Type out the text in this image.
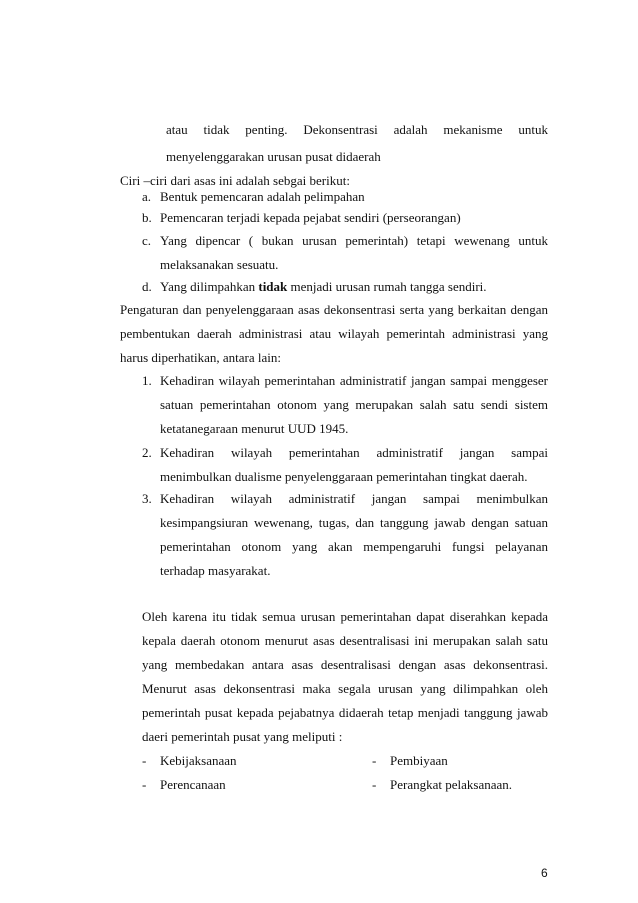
atau tidak penting. Dekonsentrasi adalah mekanisme untuk
menyelenggarakan urusan pusat didaerah
Ciri –ciri dari asas ini adalah sebgai berikut:
a. Bentuk pemencaran adalah pelimpahan
b. Pemencaran terjadi kepada pejabat sendiri (perseorangan)
c. Yang dipencar ( bukan urusan pemerintah) tetapi wewenang untuk
melaksanakan sesuatu.
d. Yang dilimpahkan tidak menjadi urusan rumah tangga sendiri.
Pengaturan dan penyelenggaraan asas dekonsentrasi serta yang berkaitan dengan
pembentukan daerah administrasi atau wilayah pemerintah administrasi yang
harus diperhatikan, antara lain:
1. Kehadiran wilayah pemerintahan administratif jangan sampai menggeser
satuan pemerintahan otonom yang merupakan salah satu sendi sistem
ketatanegaraan menurut UUD 1945.
2. Kehadiran wilayah pemerintahan administratif jangan sampai
menimbulkan dualisme penyelenggaraan pemerintahan tingkat daerah.
3. Kehadiran wilayah administratif jangan sampai menimbulkan
kesimpangsiuran wewenang, tugas, dan tanggung jawab dengan satuan
pemerintahan otonom yang akan mempengaruhi fungsi pelayanan
terhadap masyarakat.
Oleh karena itu tidak semua urusan pemerintahan dapat diserahkan kepada
kepala daerah otonom menurut asas desentralisasi ini merupakan salah satu
yang membedakan antara asas desentralisasi dengan asas dekonsentrasi.
Menurut asas dekonsentrasi maka segala urusan yang dilimpahkan oleh
pemerintah pusat kepada pejabatnya didaerah tetap menjadi tanggung jawab
daeri pemerintah pusat yang meliputi :
- Kebijaksanaan	- Pembiyaan
- Perencanaan	- Perangkat pelaksanaan.
6
